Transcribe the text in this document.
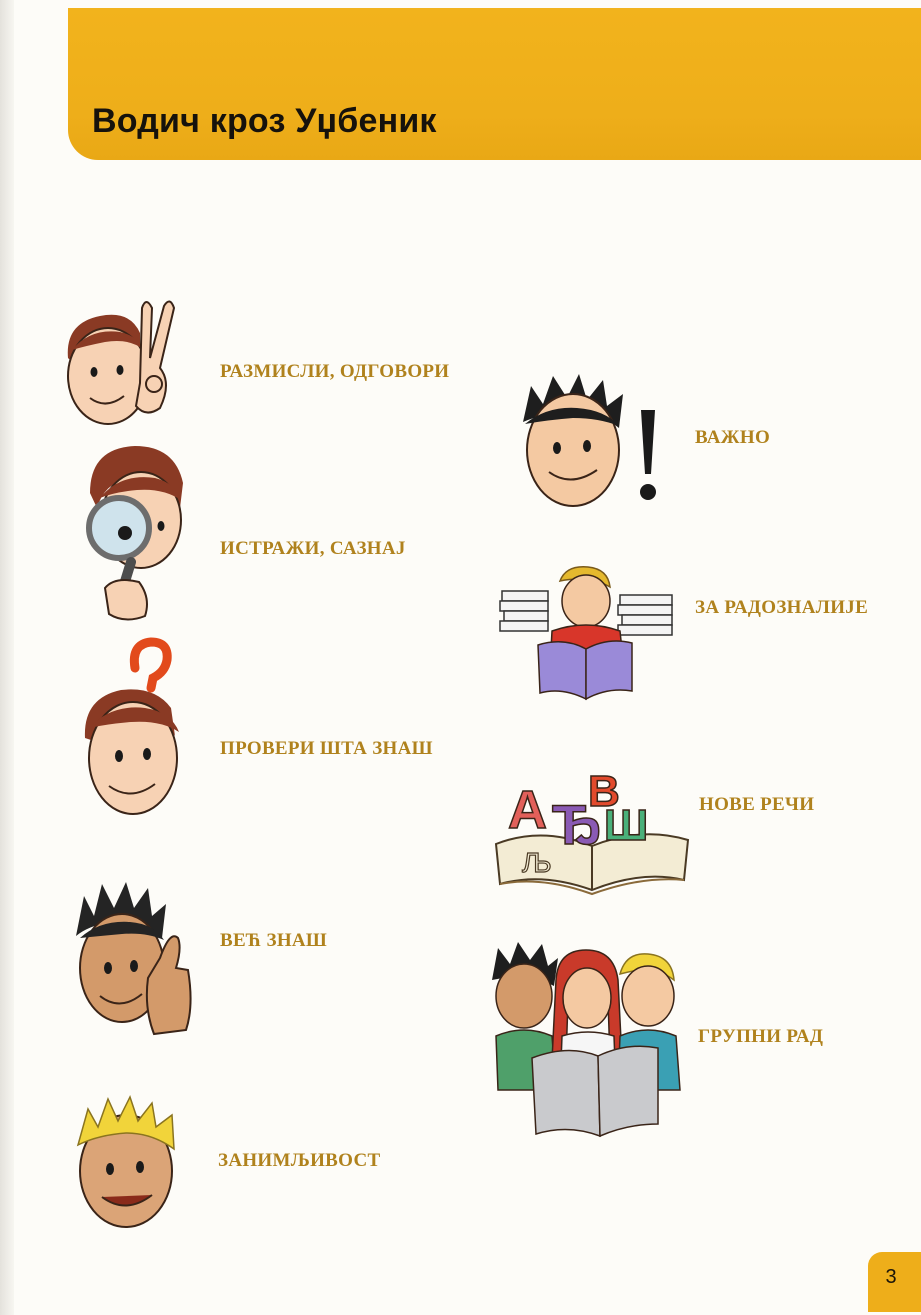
Водич кроз Уџбеник
РАЗМИСЛИ, ОДГОВОРИ
ИСТРАЖИ, САЗНАЈ
ПРОВЕРИ ШТА ЗНАШ
ВЕЋ ЗНАШ
ЗАНИМЉИВОСТ
ВАЖНО
ЗА РАДОЗНАЛИЈЕ
А Ђ
В
Ш
Љ
НОВЕ РЕЧИ
ГРУПНИ РАД
3
